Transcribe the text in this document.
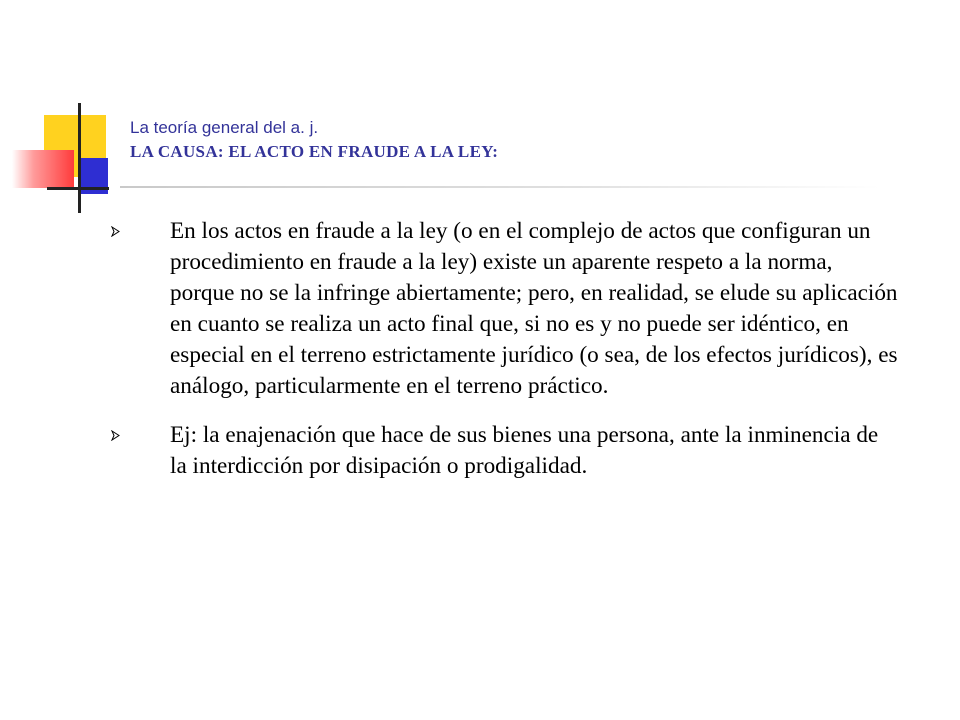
La teoría general del a. j.
LA CAUSA: EL ACTO EN FRAUDE A LA LEY:
En los actos en fraude a la ley (o en el complejo de actos que configuran un procedimiento en fraude a la ley) existe un aparente respeto a la norma, porque no se la infringe abiertamente; pero, en realidad, se elude su aplicación en cuanto se realiza un acto final que, si no es y no puede ser idéntico, en especial en el terreno estrictamente jurídico (o sea, de los efectos jurídicos), es análogo, particularmente en el terreno práctico.
Ej: la enajenación que hace de sus bienes una persona, ante la inminencia de la interdicción por disipación o prodigalidad.
